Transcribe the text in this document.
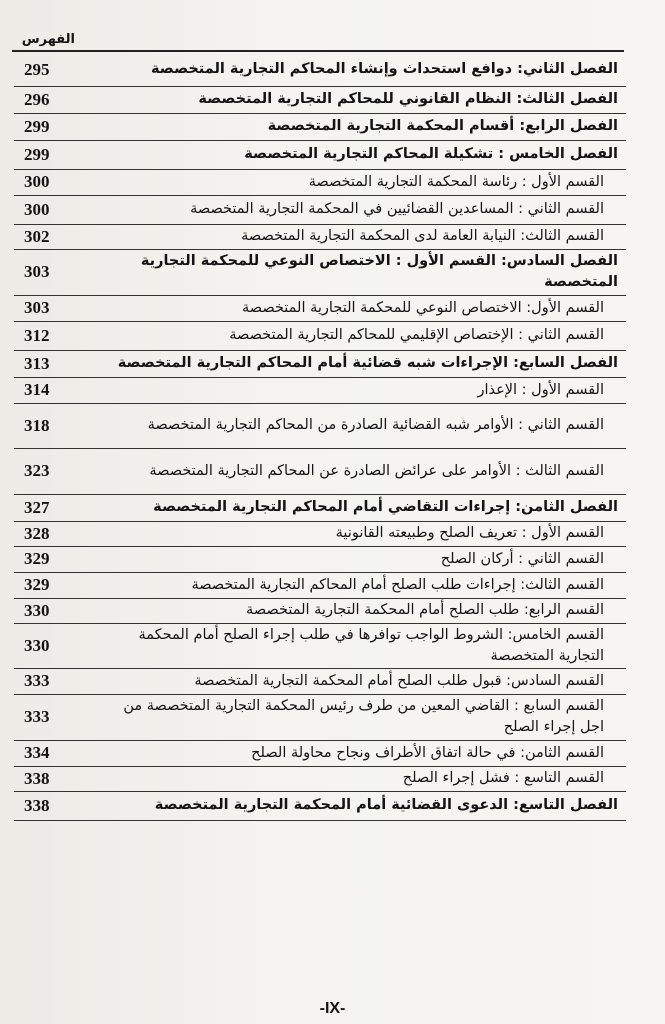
الفهرس
الفصل الثاني: دوافع استحداث وإنشاء المحاكم التجارية المتخصصة	295
الفصل الثالث: النظام القانوني للمحاكم التجارية المتخصصة	296
الفصل الرابع: أقسام المحكمة التجارية المتخصصة	299
الفصل الخامس : تشكيلة المحاكم التجارية المتخصصة	299
القسم الأول : رئاسة المحكمة التجارية المتخصصة	300
القسم الثاني : المساعدين القضائيين في المحكمة التجارية المتخصصة	300
القسم الثالث: النيابة العامة لدى المحكمة التجارية المتخصصة	302
الفصل السادس: القسم الأول : الاختصاص النوعي للمحكمة التجارية المتخصصة	303
القسم الأول: الاختصاص النوعي للمحكمة التجارية المتخصصة	303
القسم الثاني : الإختصاص الإقليمي للمحاكم التجارية المتخصصة	312
الفصل السابع: الإجراءات شبه قضائية أمام المحاكم التجارية المتخصصة	313
القسم الأول : الإعذار	314
القسم الثاني : الأوامر شبه القضائية الصادرة من المحاكم التجارية المتخصصة	318
القسم الثالث : الأوامر على عرائض الصادرة عن المحاكم التجارية المتخصصة	323
الفصل الثامن: إجراءات التقاضي أمام المحاكم التجارية المتخصصة	327
القسم الأول : تعريف الصلح وطبيعته القانونية	328
القسم الثاني : أركان الصلح	329
القسم الثالث: إجراءات طلب الصلح أمام المحاكم التجارية المتخصصة	329
القسم الرابع: طلب الصلح أمام المحكمة التجارية المتخصصة	330
القسم الخامس: الشروط الواجب توافرها في طلب إجراء الصلح أمام المحكمة التجارية المتخصصة	330
القسم السادس: قبول طلب الصلح أمام المحكمة التجارية المتخصصة	333
القسم السابع : القاضي المعين من طرف رئيس المحكمة التجارية المتخصصة من اجل إجراء الصلح	333
القسم الثامن: في حالة اتفاق الأطراف ونجاح محاولة الصلح	334
القسم التاسع : فشل إجراء الصلح	338
الفصل التاسع: الدعوى القضائية أمام المحكمة التجارية المتخصصة	338
-IX-
